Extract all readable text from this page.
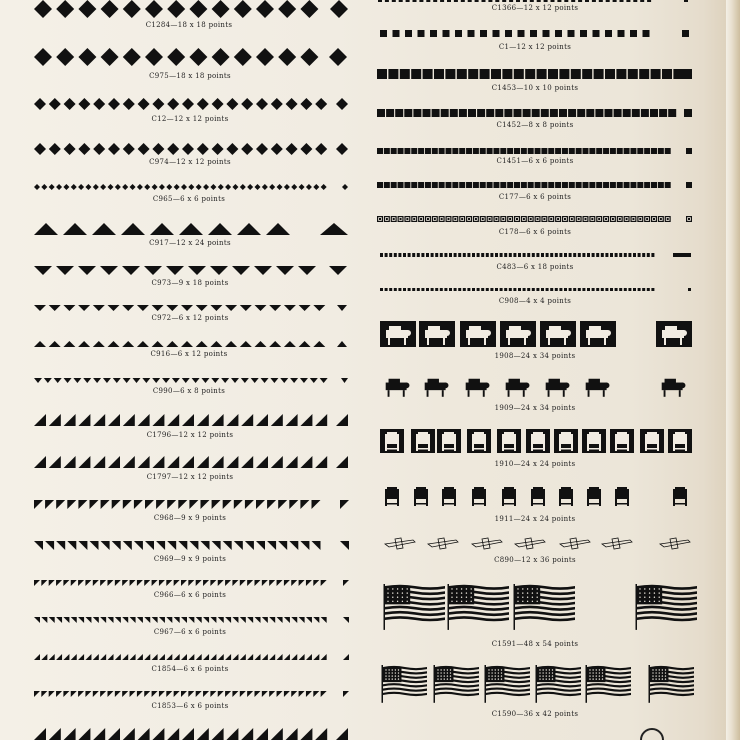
C1284—18 x 18 points
C975—18 x 18 points
C12—12 x 12 points
C974—12 x 12 points
C965—6 x 6 points
C917—12 x 24 points
C973—9 x 18 points
C972—6 x 12 points
C916—6 x 12 points
C990—6 x 8 points
C1796—12 x 12 points
C1797—12 x 12 points
C968—9 x 9 points
C969—9 x 9 points
C966—6 x 6 points
C967—6 x 6 points
C1854—6 x 6 points
C1853—6 x 6 points
C1366—12 x 12 points
C1—12 x 12 points
C1453—10 x 10 points
C1452—8 x 8 points
C1451—6 x 6 points
C177—6 x 6 points
C178—6 x 6 points
C483—6 x 18 points
C908—4 x 4 points
1908—24 x 34 points
1909—24 x 34 points
1910—24 x 24 points
1911—24 x 24 points
C890—12 x 36 points
C1591—48 x 54 points
C1590—36 x 42 points
